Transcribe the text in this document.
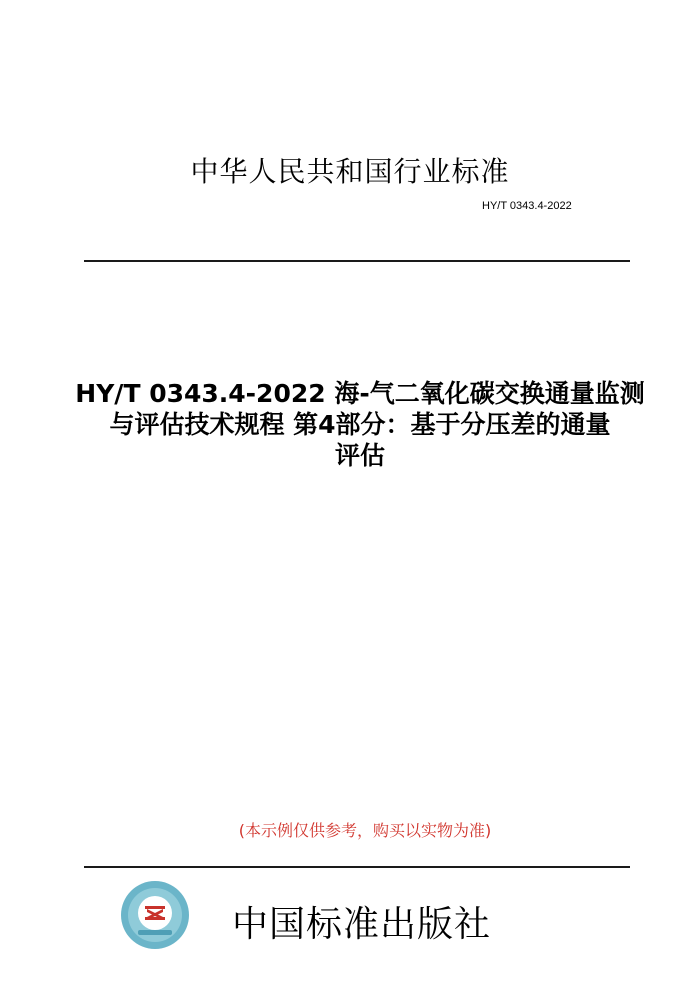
中华人民共和国行业标准
HY/T 0343.4-2022
HY/T 0343.4-2022 海-气二氧化碳交换通量监测
与评估技术规程 第4部分：基于分压差的通量
评估
(本示例仅供参考，购买以实物为准)
中国标准出版社
